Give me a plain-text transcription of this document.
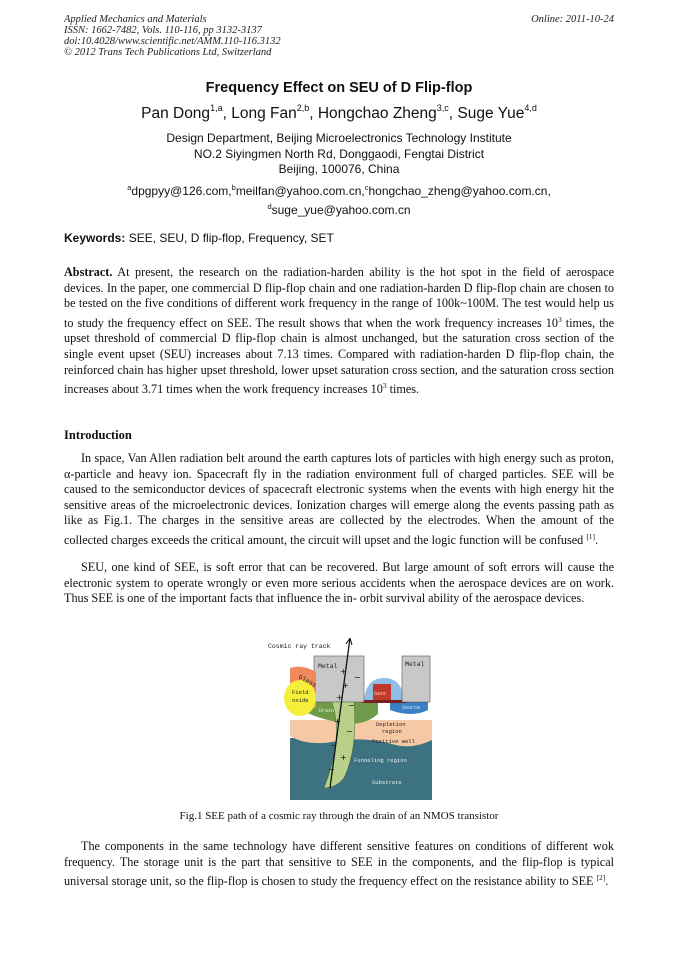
Applied Mechanics and Materials
ISSN: 1662-7482, Vols. 110-116, pp 3132-3137
doi:10.4028/www.scientific.net/AMM.110-116.3132
© 2012 Trans Tech Publications Ltd, Switzerland
Online: 2011-10-24
Frequency Effect on SEU of D Flip-flop
Pan Dong$^{1,a}$, Long Fan$^{2,b}$, Hongchao Zheng$^{3,c}$, Suge Yue$^{4,d}$
Design Department, Beijing Microelectronics Technology Institute
NO.2 Siyingmen North Rd, Donggaodi, Fengtai District
Beijing, 100076, China
$^a$dpgpyy@126.com,$^b$meilfan@yahoo.com.cn,$^c$hongchao_zheng@yahoo.com.cn,
$^d$suge_yue@yahoo.com.cn
Keywords: SEE, SEU, D flip-flop, Frequency, SET
Abstract. At present, the research on the radiation-harden ability is the hot spot in the field of aerospace devices. In the paper, one commercial D flip-flop chain and one radiation-harden D flip-flop chain are chosen to be tested on the five conditions of different work frequency in the range of 100k~100M. The test would help us to study the frequency effect on SEE. The result shows that when the work frequency increases $10^3$ times, the upset threshold of commercial D flip-flop chain is almost unchanged, but the saturation cross section of the single event upset (SEU) increases about 7.13 times. Compared with radiation-harden D flip-flop chain, the reinforced chain has higher upset threshold, lower upset saturation cross section, and the saturation cross section increases about 3.71 times when the work frequency increases $10^3$ times.
Introduction
In space, Van Allen radiation belt around the earth captures lots of particles with high energy such as proton, α-particle and heavy ion. Spacecraft fly in the radiation environment full of charged particles. SEE will be caused to the semiconductor devices of spacecraft electronic systems when the events with high energy hit the sensitive areas of the microelectronic devices. Ionization charges will emerge along the events passing path as like as Fig.1. The charges in the sensitive areas are collected by the electrodes. When the amount of the collected charges exceeds the critical amount, the circuit will upset and the logic function will be confused [1].
SEU, one kind of SEE, is soft error that can be recovered. But large amount of soft errors will cause the electronic system to operate wrongly or even more serious accidents when the aerospace devices are on work. Thus SEE is one of the important facts that influence the in- orbit survival ability of the aerospace devices.
+
+
−
+
−
+
−
−
+
−
Cosmic ray track
Metal	Metal
Glass
Field
oxide
Gate
Drain	Source
Depletion
region
Positive well
Funneling region
Substrate
Fig.1 SEE path of a cosmic ray through the drain of an NMOS transistor
The components in the same technology have different sensitive features on conditions of different wok frequency. The storage unit is the part that sensitive to SEE in the components, and the flip-flop is typical universal storage unit, so the flip-flop is chosen to study the frequency effect on the resistance ability to SEE [2].
